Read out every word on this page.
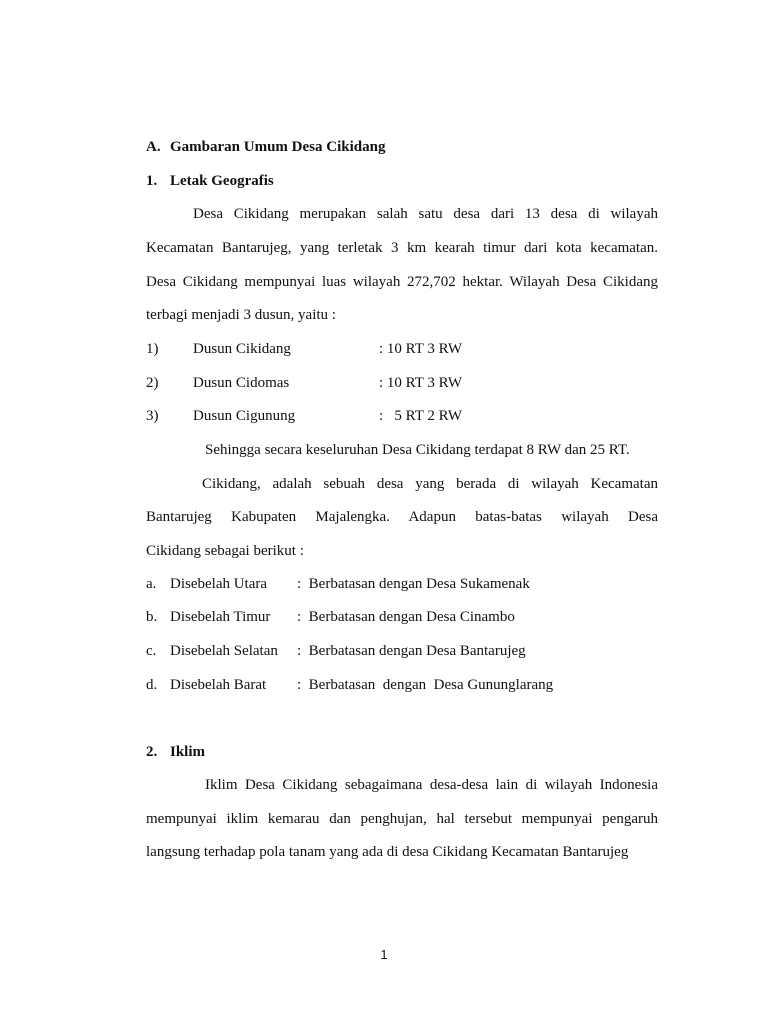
A. Gambaran Umum Desa Cikidang
1. Letak Geografis
Desa Cikidang merupakan salah satu desa dari 13 desa di wilayah
Kecamatan Bantarujeg, yang terletak 3 km kearah timur dari kota kecamatan.
Desa Cikidang mempunyai luas wilayah 272,702 hektar. Wilayah Desa Cikidang
terbagi menjadi 3 dusun, yaitu :
1) Dusun Cikidang	: 10 RT 3 RW
2) Dusun Cidomas	: 10 RT 3 RW
3) Dusun Cigunung	:   5 RT 2 RW
Sehingga secara keseluruhan Desa Cikidang terdapat 8 RW dan 25 RT.
Cikidang, adalah sebuah desa yang berada di wilayah Kecamatan
Bantarujeg Kabupaten Majalengka. Adapun batas-batas wilayah Desa
Cikidang sebagai berikut :
a. Disebelah Utara :  Berbatasan dengan Desa Sukamenak
b. Disebelah Timur :  Berbatasan dengan Desa Cinambo
c. Disebelah Selatan :  Berbatasan dengan Desa Bantarujeg
d. Disebelah Barat :  Berbatasan  dengan  Desa Gununglarang
2. Iklim
Iklim Desa Cikidang sebagaimana desa-desa lain di wilayah Indonesia
mempunyai iklim kemarau dan penghujan, hal tersebut mempunyai pengaruh
langsung terhadap pola tanam yang ada di desa Cikidang Kecamatan Bantarujeg
1
